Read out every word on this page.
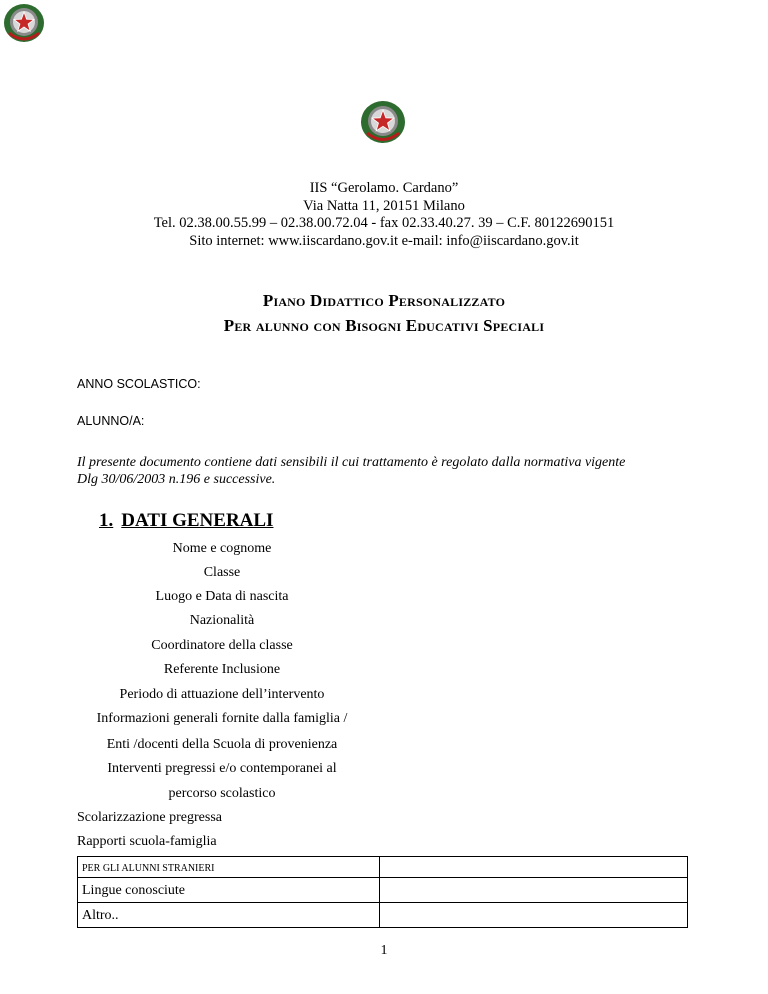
IIS “Gerolamo. Cardano”
Via Natta 11, 20151 Milano
Tel. 02.38.00.55.99 – 02.38.00.72.04 - fax 02.33.40.27. 39 – C.F. 80122690151
Sito internet: www.iiscardano.gov.it e-mail: info@iiscardano.gov.it
Piano Didattico Personalizzato
Per alunno con Bisogni Educativi Speciali
ANNO SCOLASTICO:
ALUNNO/A:
Il presente documento contiene dati sensibili il cui trattamento è regolato dalla normativa vigente
Dlg 30/06/2003 n.196 e successive.
1. DATI GENERALI
Nome e cognome
Classe
Luogo e Data di nascita
Nazionalità
Coordinatore della classe
Referente Inclusione
Periodo di attuazione dell’intervento
Informazioni generali fornite dalla famiglia /
Enti /docenti della Scuola di provenienza
Interventi pregressi e/o contemporanei al
percorso scolastico
Scolarizzazione pregressa
Rapporti scuola-famiglia
PER GLI ALUNNI STRANIERI	
Lingue conosciute	
Altro..	
1
